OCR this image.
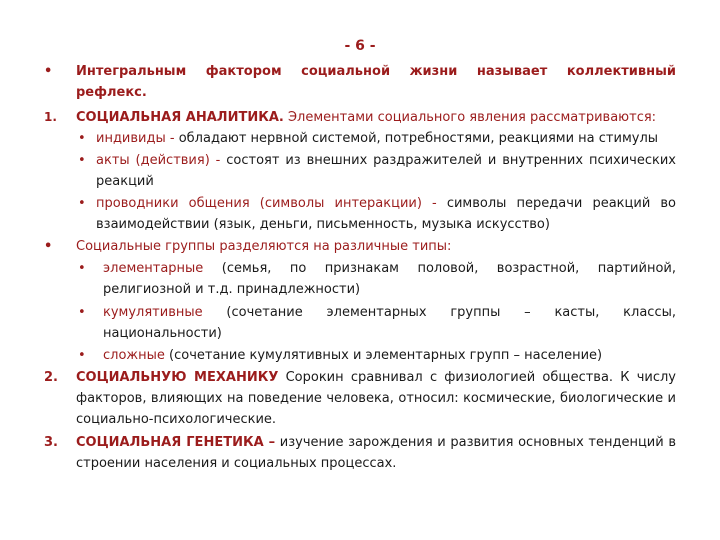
- 6 -
• Интегральным фактором социальной жизни называет коллективный рефлекс.
1. СОЦИАЛЬНАЯ АНАЛИТИКА. Элементами социального явления рассматриваются:
• индивиды - обладают нервной системой, потребностями, реакциями на стимулы
• акты (действия) - состоят из внешних раздражителей и внутренних психических реакций
• проводники общения (символы интеракции) - символы передачи реакций во взаимодействии (язык, деньги, письменность, музыка искусство)
• Социальные группы разделяются на различные типы:
• элементарные (семья, по признакам половой, возрастной, партийной, религиозной и т.д. принадлежности)
• кумулятивные (сочетание элементарных группы – касты, классы, национальности)
• сложные (сочетание кумулятивных и элементарных групп – население)
2. СОЦИАЛЬНУЮ МЕХАНИКУ Сорокин сравнивал с физиологией общества. К числу факторов, влияющих на поведение человека, относил: космические, биологические и социально-психологические.
3. СОЦИАЛЬНАЯ ГЕНЕТИКА – изучение зарождения и развития основных тенденций в строении населения и социальных процессах.
